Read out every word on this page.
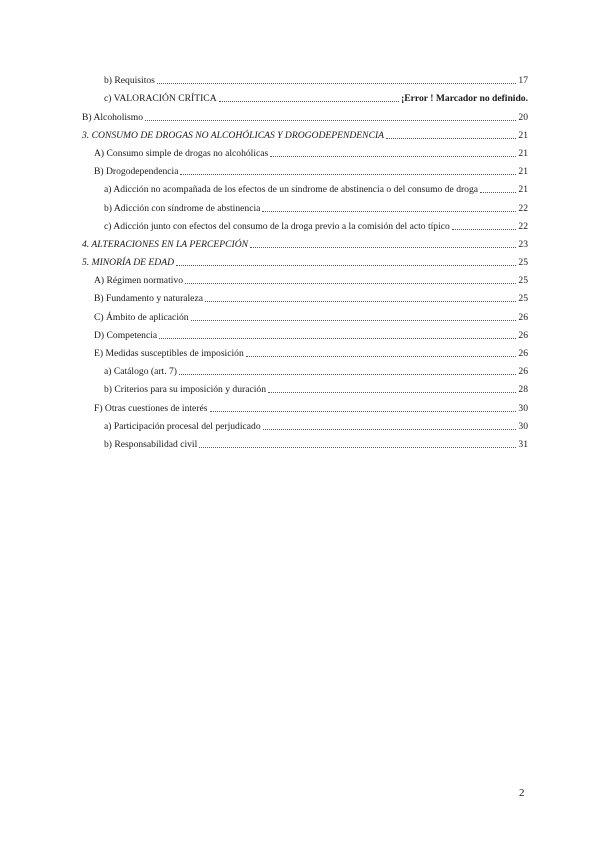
b) Requisitos	17
c) VALORACIÓN CRÍTICA	¡Error ! Marcador no definido.
B) Alcoholismo	20
3. CONSUMO DE DROGAS NO ALCOHÓLICAS Y DROGODEPENDENCIA	21
A) Consumo simple de drogas no alcohólicas	21
B) Drogodependencia	21
a) Adicción no acompañada de los efectos de un síndrome de abstinencia o del consumo de droga	21
b) Adicción con síndrome de abstinencia	22
c) Adicción junto con efectos del consumo de la droga previo a la comisión del acto típico	22
4. ALTERACIONES EN LA PERCEPCIÓN	23
5. MINORÍA DE EDAD	25
A) Régimen normativo	25
B) Fundamento y naturaleza	25
C) Ámbito de aplicación	26
D) Competencia	26
E) Medidas susceptibles de imposición	26
a) Catálogo (art. 7)	26
b) Criterios para su imposición y duración	28
F) Otras cuestiones de interés	30
a) Participación procesal del perjudicado	30
b) Responsabilidad civil	31
2
